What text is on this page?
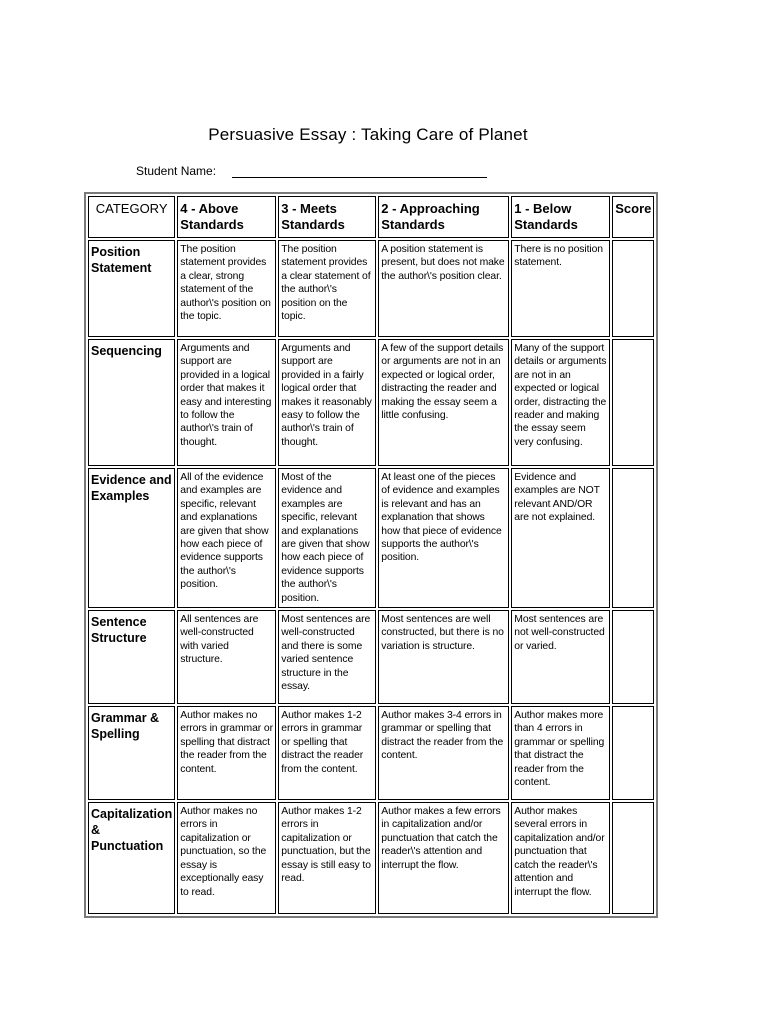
Persuasive Essay : Taking Care of Planet
Student Name:
CATEGORY	4 - Above Standards	3 - Meets Standards	2 - Approaching Standards	1 - Below Standards	Score
Position Statement	The position statement provides a clear, strong statement of the author\'s position on the topic.	The position statement provides a clear statement of the author\'s position on the topic.	A position statement is present, but does not make the author\'s position clear.	There is no position statement.	
Sequencing	Arguments and support are provided in a logical order that makes it easy and interesting to follow the author\'s train of thought.	Arguments and support are provided in a fairly logical order that makes it reasonably easy to follow the author\'s train of thought.	A few of the support details or arguments are not in an expected or logical order, distracting the reader and making the essay seem a little confusing.	Many of the support details or arguments are not in an expected or logical order, distracting the reader and making the essay seem very confusing.	
Evidence and Examples	All of the evidence and examples are specific, relevant and explanations are given that show how each piece of evidence supports the author\'s position.	Most of the evidence and examples are specific, relevant and explanations are given that show how each piece of evidence supports the author\'s position.	At least one of the pieces of evidence and examples is relevant and has an explanation that shows how that piece of evidence supports the author\'s position.	Evidence and examples are NOT relevant AND/OR are not explained.	
Sentence Structure	All sentences are well-constructed with varied structure.	Most sentences are well-constructed and there is some varied sentence structure in the essay.	Most sentences are well constructed, but there is no variation is structure.	Most sentences are not well-constructed or varied.	
Grammar & Spelling	Author makes no errors in grammar or spelling that distract the reader from the content.	Author makes 1-2 errors in grammar or spelling that distract the reader from the content.	Author makes 3-4 errors in grammar or spelling that distract the reader from the content.	Author makes more than 4 errors in grammar or spelling that distract the reader from the content.	
Capitalization & Punctuation	Author makes no errors in capitalization or punctuation, so the essay is exceptionally easy to read.	Author makes 1-2 errors in capitalization or punctuation, but the essay is still easy to read.	Author makes a few errors in capitalization and/or punctuation that catch the reader\'s attention and interrupt the flow.	Author makes several errors in capitalization and/or punctuation that catch the reader\'s attention and interrupt the flow.	
